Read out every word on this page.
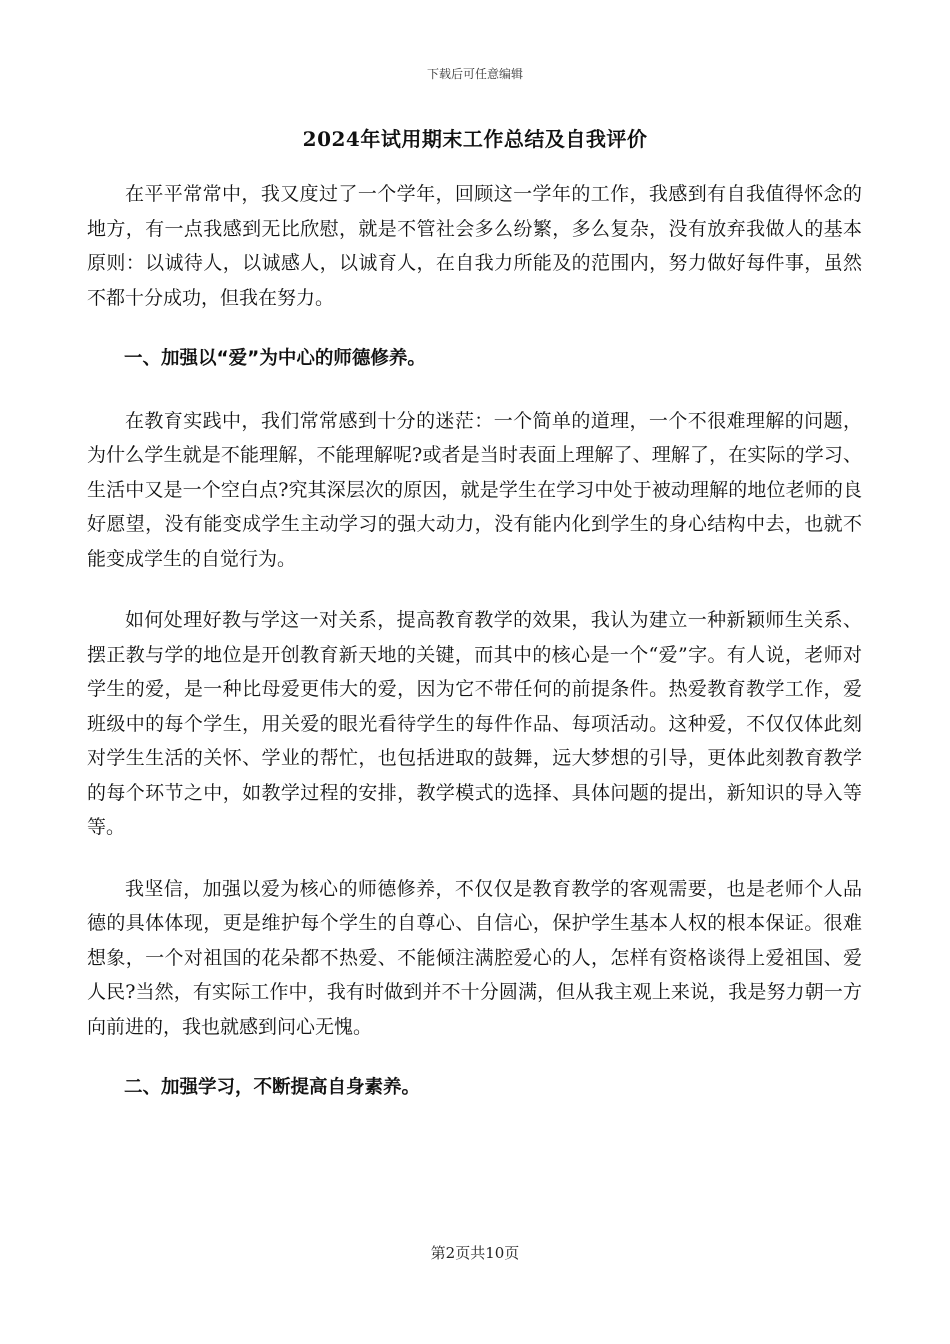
下载后可任意编辑
2024年试用期末工作总结及自我评价

在平平常常中，我又度过了一个学年，回顾这一学年的工作，我感到有自我值得怀念的地方，有一点我感到无比欣慰，就是不管社会多么纷繁，多么复杂，没有放弃我做人的基本原则：以诚待人，以诚感人，以诚育人，在自我力所能及的范围内，努力做好每件事，虽然不都十分成功，但我在努力。

一、加强以“爱”为中心的师德修养。

在教育实践中，我们常常感到十分的迷茫：一个简单的道理，一个不很难理解的问题，为什么学生就是不能理解，不能理解呢?或者是当时表面上理解了、理解了，在实际的学习、生活中又是一个空白点?究其深层次的原因，就是学生在学习中处于被动理解的地位老师的良好愿望，没有能变成学生主动学习的强大动力，没有能内化到学生的身心结构中去，也就不能变成学生的自觉行为。

如何处理好教与学这一对关系，提高教育教学的效果，我认为建立一种新颖师生关系、摆正教与学的地位是开创教育新天地的关键，而其中的核心是一个“爱”字。有人说，老师对学生的爱，是一种比母爱更伟大的爱，因为它不带任何的前提条件。热爱教育教学工作，爱班级中的每个学生，用关爱的眼光看待学生的每件作品、每项活动。这种爱，不仅仅体此刻对学生生活的关怀、学业的帮忙，也包括进取的鼓舞，远大梦想的引导，更体此刻教育教学的每个环节之中，如教学过程的安排，教学模式的选择、具体问题的提出，新知识的导入等等。

我坚信，加强以爱为核心的师德修养，不仅仅是教育教学的客观需要，也是老师个人品德的具体体现，更是维护每个学生的自尊心、自信心，保护学生基本人权的根本保证。很难想象，一个对祖国的花朵都不热爱、不能倾注满腔爱心的人，怎样有资格谈得上爱祖国、爱人民?当然，有实际工作中，我有时做到并不十分圆满，但从我主观上来说，我是努力朝一方向前进的，我也就感到问心无愧。

二、加强学习，不断提高自身素养。

第2页共10页
